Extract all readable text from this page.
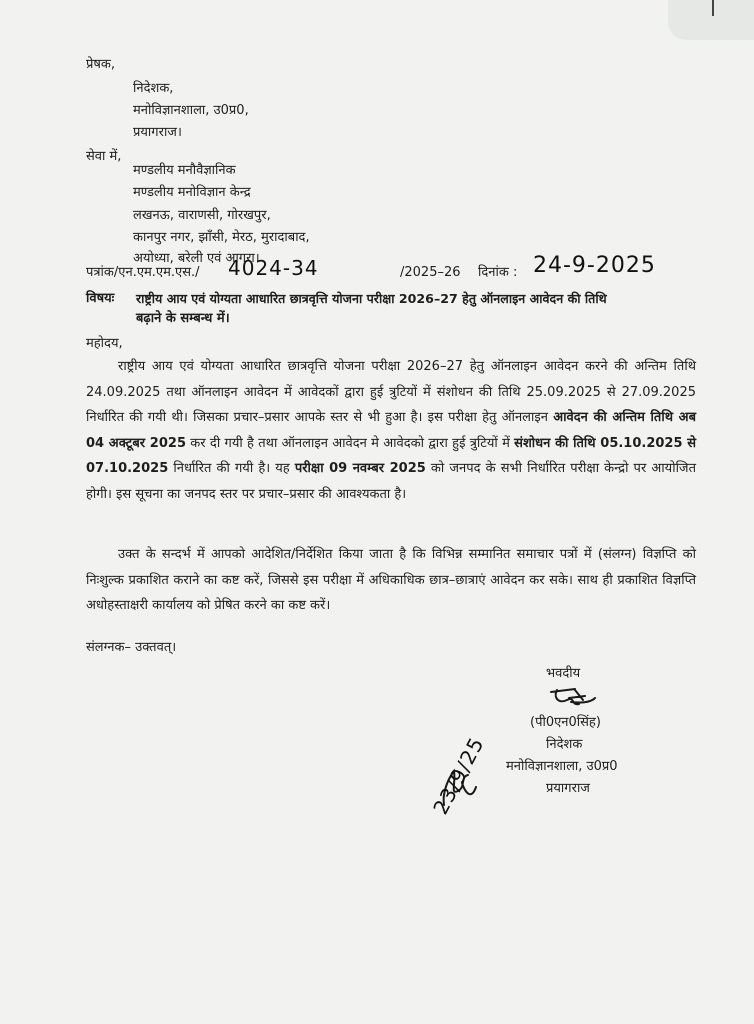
प्रेषक,
निदेशक,
मनोविज्ञानशाला, उ0प्र0,
प्रयागराज।
सेवा में,
मण्डलीय मनौवैज्ञानिक
मण्डलीय मनोविज्ञान केन्द्र
लखनऊ, वाराणसी, गोरखपुर,
कानपुर नगर, झाँसी, मेरठ, मुरादाबाद,
अयोध्या, बरेली एवं आगरा।
पत्रांक/एन.एम.एम.एस./ 4024-34	/2025–26 दिनांक : 24-9-2025
विषयः राष्ट्रीय आय एवं योग्यता आधारित छात्रवृत्ति योजना परीक्षा 2026–27 हेतु ऑनलाइन आवेदन की तिथि
बढ़ाने के सम्बन्ध में।
महोदय,
राष्ट्रीय आय एवं योग्यता आधारित छात्रवृत्ति योजना परीक्षा 2026–27 हेतु ऑनलाइन आवेदन करने की अन्तिम तिथि 24.09.2025 तथा ऑनलाइन आवेदन में आवेदकों द्वारा हुई त्रुटियों में संशोधन की तिथि 25.09.2025 से 27.09.2025 निर्धारित की गयी थी। जिसका प्रचार–प्रसार आपके स्तर से भी हुआ है। इस परीक्षा हेतु ऑनलाइन आवेदन की अन्तिम तिथि अब 04 अक्टूबर 2025 कर दी गयी है तथा ऑनलाइन आवेदन मे आवेदको द्वारा हुई त्रुटियों में संशोधन की तिथि 05.10.2025 से 07.10.2025 निर्धारित की गयी है। यह परीक्षा 09 नवम्बर 2025 को जनपद के सभी निर्धारित परीक्षा केन्द्रो पर आयोजित होगी। इस सूचना का जनपद स्तर पर प्रचार–प्रसार की आवश्यकता है।
उक्त के सन्दर्भ में आपको आदेशित/निर्देशित किया जाता है कि विभिन्न सम्मानित समाचार पत्रों में (संलग्न) विज्ञप्ति को निःशुल्क प्रकाशित कराने का कष्ट करें, जिससे इस परीक्षा में अधिकाधिक छात्र–छात्राएं आवेदन कर सके। साथ ही प्रकाशित विज्ञप्ति अधोहस्ताक्षरी कार्यालय को प्रेषित करने का कष्ट करें।
संलग्नक– उक्तवत्।
भवदीय
(पी0एन0सिंह)
निदेशक
मनोविज्ञानशाला, उ0प्र0
प्रयागराज
23/9/25
